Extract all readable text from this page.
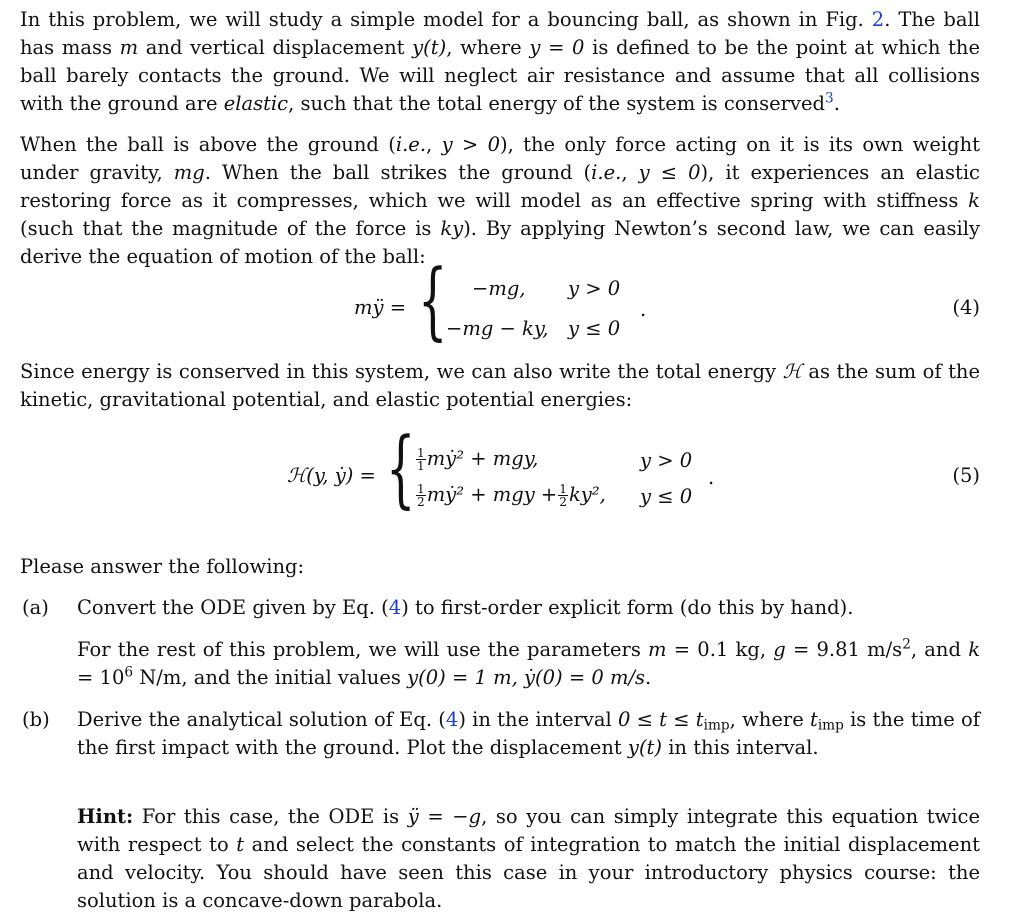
In this problem, we will study a simple model for a bouncing ball, as shown in Fig. 2. The ball has mass m and vertical displacement y(t), where y = 0 is defined to be the point at which the ball barely contacts the ground. We will neglect air resistance and assume that all collisions with the ground are elastic, such that the total energy of the system is conserved$^3$.
When the ball is above the ground (i.e., y > 0), the only force acting on it is its own weight under gravity, mg. When the ball strikes the ground (i.e., y ≤ 0), it experiences an elastic restoring force as it compresses, which we will model as an effective spring with stiffness k (such that the magnitude of the force is ky). By applying Newton’s second law, we can easily derive the equation of motion of the ball:
mÿ = { −mg, y > 0
−mg − ky, y ≤ 0
.	(4)
Since energy is conserved in this system, we can also write the total energy ℋ as the sum of the kinetic, gravitational potential, and elastic potential energies:
ℋ(y, ẏ) = { $\frac{1}{1}$ mẏ² + mgy,	y > 0
$\frac{1}{2}$ mẏ² + mgy + $\frac{1}{2} ky^2$, y ≤ 0
.	(5)
Please answer the following:
(a) Convert the ODE given by Eq. (4) to first-order explicit form (do this by hand).
For the rest of this problem, we will use the parameters m = 0.1 kg, g = 9.81 $m/s^2$, and $k = 10^6$ N/m, and the initial values y(0) = 1 m, ẏ(0) = 0 m/s.
(b) Derive the analytical solution of Eq. (4) in the interval $0 \le t \le t_{imp}$, where $t_{imp}$ is the time of the first impact with the ground. Plot the displacement y(t) in this interval.
Hint: For this case, the ODE is ÿ = −g, so you can simply integrate this equation twice with respect to t and select the constants of integration to match the initial displacement and velocity. You should have seen this case in your introductory physics course: the solution is a concave-down parabola.
